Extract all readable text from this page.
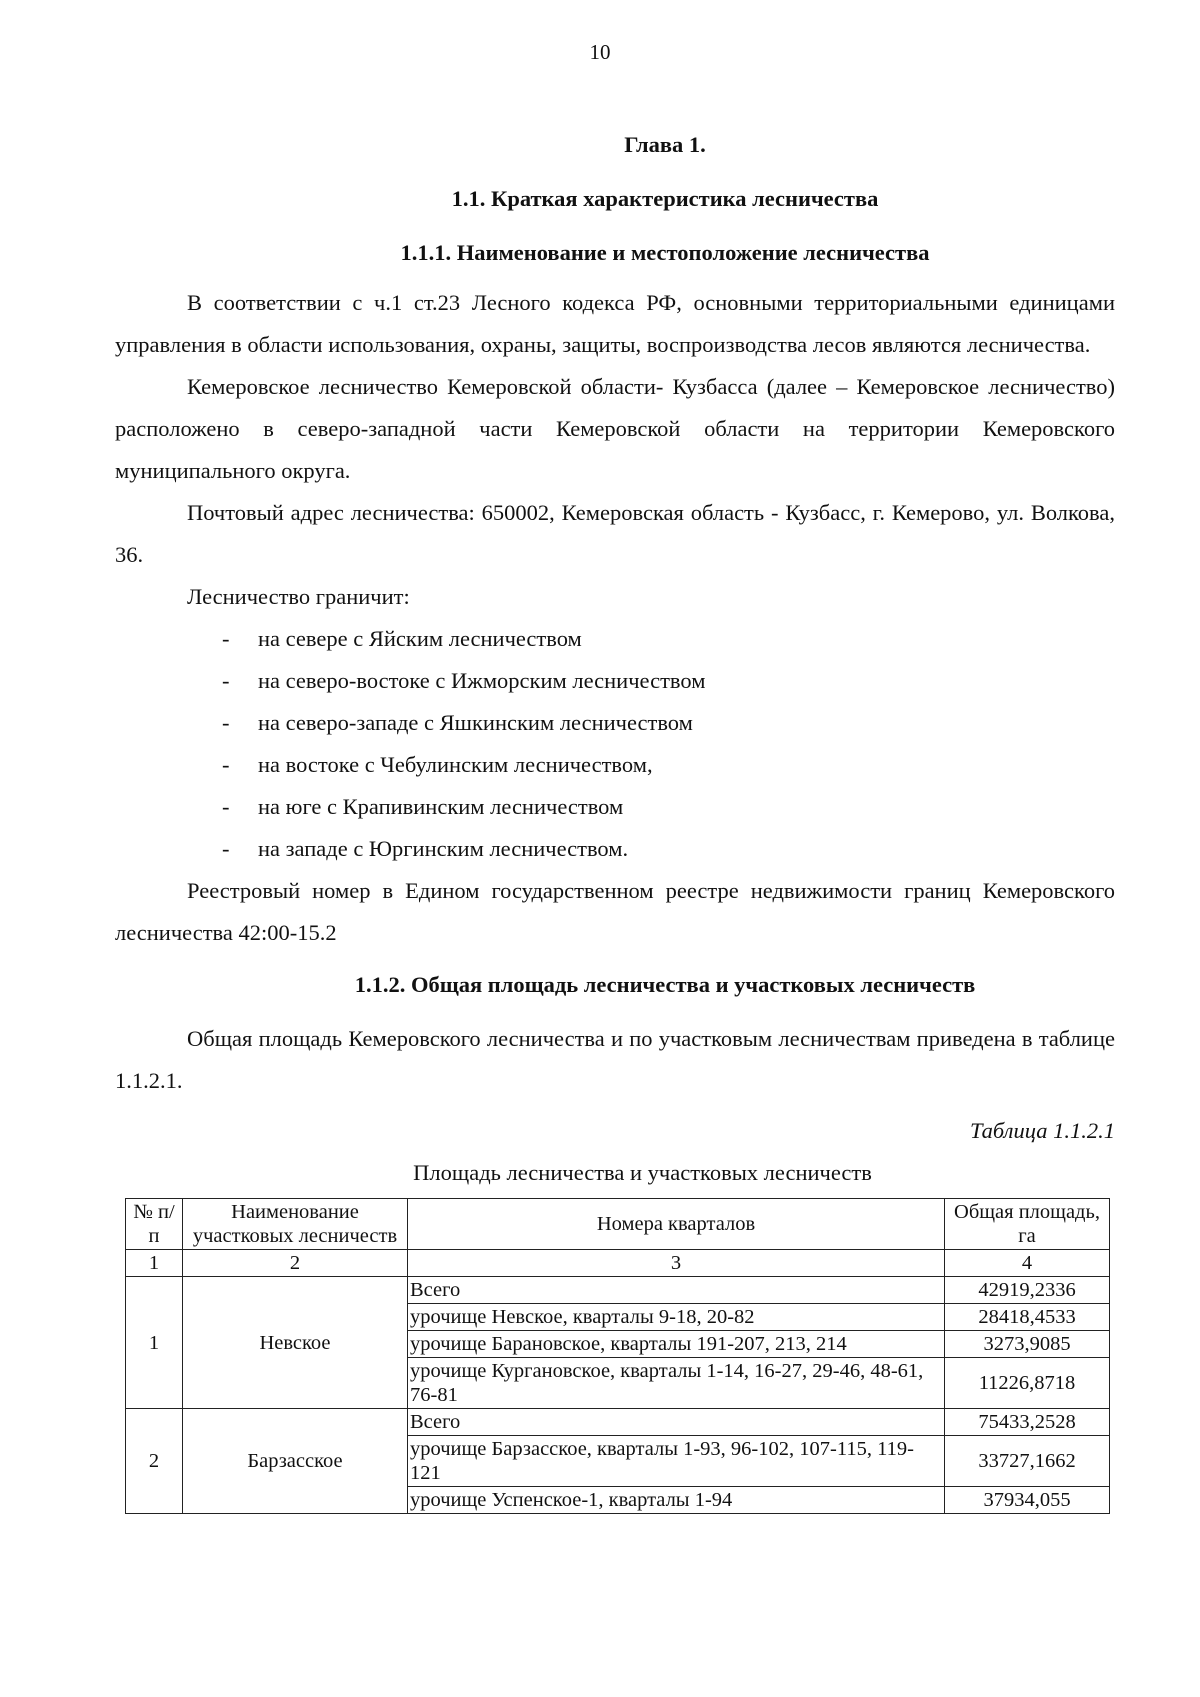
10
Глава 1.
1.1. Краткая характеристика лесничества
1.1.1. Наименование и местоположение лесничества

В соответствии с ч.1 ст.23 Лесного кодекса РФ, основными территориальными единицами управления в области использования, охраны, защиты, воспроизводства лесов являются лесничества.

Кемеровское лесничество Кемеровской области- Кузбасса (далее – Кемеровское лесничество) расположено в северо-западной части Кемеровской области на территории Кемеровского муниципального округа.

Почтовый адрес лесничества: 650002, Кемеровская область - Кузбасс, г. Кемерово, ул. Волкова, 36.

Лесничество граничит:

- на севере с Яйским лесничеством
- на северо-востоке с Ижморским лесничеством
- на северо-западе с Яшкинским лесничеством
- на востоке с Чебулинским лесничеством,
- на юге с Крапивинским лесничеством
- на западе с Юргинским лесничеством.

Реестровый номер в Едином государственном реестре недвижимости границ Кемеровского лесничества 42:00-15.2

1.1.2. Общая площадь лесничества и участковых лесничеств

Общая площадь Кемеровского лесничества и по участковым лесничествам приведена в таблице 1.1.2.1.

Таблица 1.1.2.1
Площадь лесничества и участковых лесничеств
№ п/п	Наименование участковых лесничеств	Номера кварталов	Общая площадь, га
1	2	3	4
1	Невское	Всего	42919,2336
		урочище Невское, кварталы 9-18, 20-82	28418,4533
		урочище Барановское, кварталы 191-207, 213, 214	3273,9085
		урочище Кургановское, кварталы 1-14, 16-27, 29-46, 48-61, 76-81	11226,8718
2	Барзасское	Всего	75433,2528
		урочище Барзасское, кварталы 1-93, 96-102, 107-115, 119-121	33727,1662
		урочище Успенское-1, кварталы 1-94	37934,055
